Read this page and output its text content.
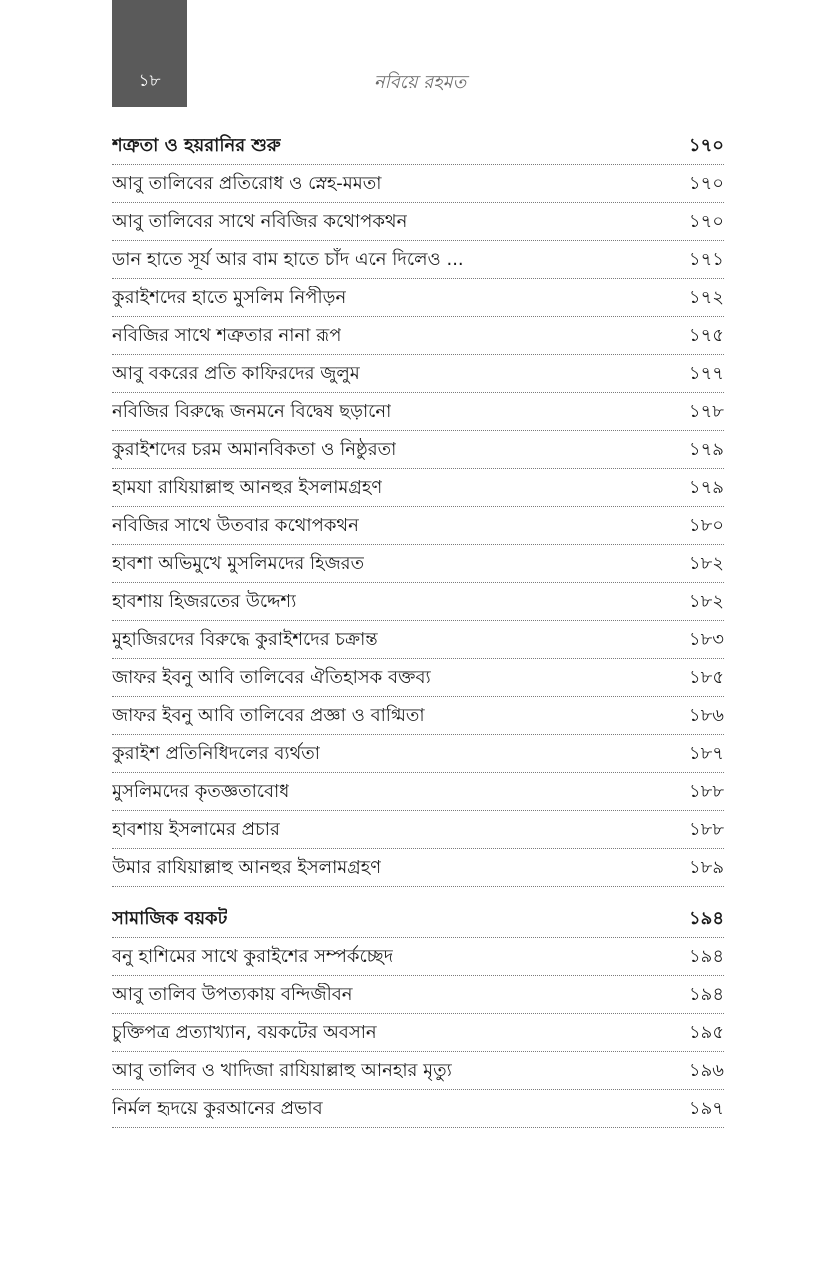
১৮	নবিয়ে রহমত
শত্রুতা ও হয়রানির শুরু	১৭০
আবু তালিবের প্রতিরোধ ও স্নেহ-মমতা	১৭০
আবু তালিবের সাথে নবিজির কথোপকথন	১৭০
ডান হাতে সূর্য আর বাম হাতে চাঁদ এনে দিলেও ...	১৭১
কুরাইশদের হাতে মুসলিম নিপীড়ন	১৭২
নবিজির সাথে শত্রুতার নানা রূপ	১৭৫
আবু বকরের প্রতি কাফিরদের জুলুম	১৭৭
নবিজির বিরুদ্ধে জনমনে বিদ্বেষ ছড়ানো	১৭৮
কুরাইশদের চরম অমানবিকতা ও নিষ্ঠুরতা	১৭৯
হামযা রাযিয়াল্লাহু আনহুর ইসলামগ্রহণ	১৭৯
নবিজির সাথে উতবার কথোপকথন	১৮০
হাবশা অভিমুখে মুসলিমদের হিজরত	১৮২
হাবশায় হিজরতের উদ্দেশ্য	১৮২
মুহাজিরদের বিরুদ্ধে কুরাইশদের চক্রান্ত	১৮৩
জাফর ইবনু আবি তালিবের ঐতিহাসক বক্তব্য	১৮৫
জাফর ইবনু আবি তালিবের প্রজ্ঞা ও বাগ্মিতা	১৮৬
কুরাইশ প্রতিনিধিদলের ব্যর্থতা	১৮৭
মুসলিমদের কৃতজ্ঞতাবোধ	১৮৮
হাবশায় ইসলামের প্রচার	১৮৮
উমার রাযিয়াল্লাহু আনহুর ইসলামগ্রহণ	১৮৯
সামাজিক বয়কট	১৯৪
বনু হাশিমের সাথে কুরাইশের সম্পর্কচ্ছেদ	১৯৪
আবু তালিব উপত্যকায় বন্দিজীবন	১৯৪
চুক্তিপত্র প্রত্যাখ্যান, বয়কটের অবসান	১৯৫
আবু তালিব ও খাদিজা রাযিয়াল্লাহু আনহার মৃত্যু	১৯৬
নির্মল হৃদয়ে কুরআনের প্রভাব	১৯৭
